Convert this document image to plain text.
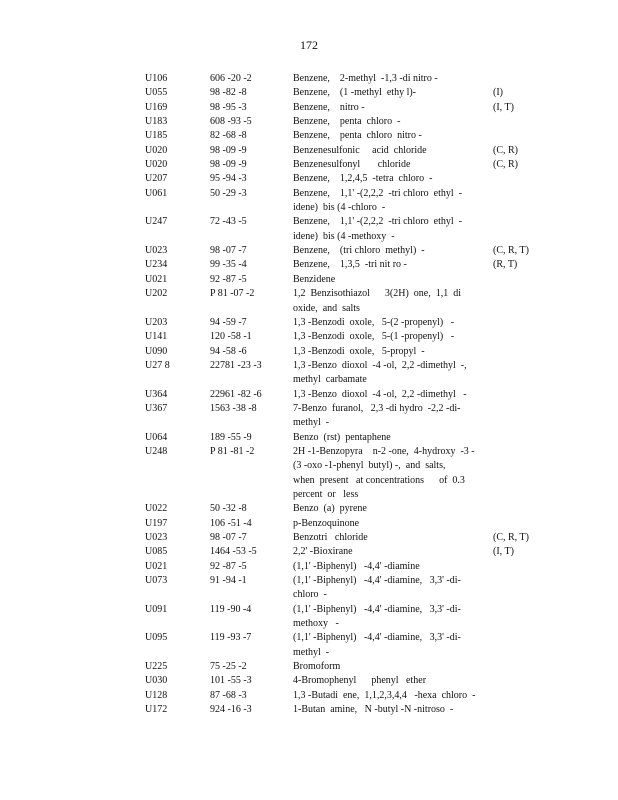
172
U106	606 -20 -2	Benzene,    2-methyl  -1,3 -di nitro -
U055	98 -82 -8	Benzene,    (1 -methyl  ethy l)-	(I)
U169	98 -95 -3	Benzene,    nitro -	(I, T)
U183	608 -93 -5	Benzene,    penta  chloro  -
U185	82 -68 -8	Benzene,    penta  chloro  nitro -
U020	98 -09 -9	Benzenesulfonic     acid  chloride	(C, R)
U020	98 -09 -9	Benzenesulfonyl       chloride	(C, R)
U207	95 -94 -3	Benzene,    1,2,4,5  -tetra  chloro  -
U061	50 -29 -3	Benzene,    1,1' -(2,2,2  -tri chloro  ethyl  -
idene)  bis (4 -chloro  -
U247	72 -43 -5	Benzene,    1,1' -(2,2,2  -tri chloro  ethyl  -
idene)  bis (4 -methoxy  -
U023	98 -07 -7	Benzene,    (tri chloro  methyl)  -	(C, R, T)
U234	99 -35 -4	Benzene,    1,3,5  -tri nit ro -	(R, T)
U021	92 -87 -5	Benzidene
U202	P 81 -07 -2	1,2  Benzisothiazol      3(2H)  one,  1,1  di
oxide,  and  salts
U203	94 -59 -7	1,3 -Benzodi  oxole,   5-(2 -propenyl)   -
U141	120 -58 -1	1,3 -Benzodi  oxole,   5-(1 -propenyl)   -
U090	94 -58 -6	1,3 -Benzodi  oxole,   5-propyl  -
U27 8	22781 -23 -3	1,3 -Benzo  dioxol  -4 -ol,  2,2 -dimethyl  -,
methyl  carbamate
U364	22961 -82 -6	1,3 -Benzo  dioxol  -4 -ol,  2,2 -dimethyl   -
U367	1563 -38 -8	7-Benzo  furanol,   2,3 -di hydro  -2,2 -di-
methyl  -
U064	189 -55 -9	Benzo  (rst)  pentaphene
U248	P 81 -81 -2	2H -1-Benzopyra    n-2 -one,  4-hydroxy  -3 -
(3 -oxo -1-phenyl  butyl) -,  and  salts,
when  present   at concentrations      of  0.3
percent  or   less
U022	50 -32 -8	Benzo  (a)  pyrene
U197	106 -51 -4	p-Benzoquinone
U023	98 -07 -7	Benzotri   chloride	(C, R, T)
U085	1464 -53 -5	2,2' -Bioxirane	(I, T)
U021	92 -87 -5	(1,1' -Biphenyl)   -4,4' -diamine
U073	91 -94 -1	(1,1' -Biphenyl)   -4,4' -diamine,   3,3' -di-
chloro  -
U091	119 -90 -4	(1,1' -Biphenyl)   -4,4' -diamine,   3,3' -di-
methoxy   -
U095	119 -93 -7	(1,1' -Biphenyl)   -4,4' -diamine,   3,3' -di-
methyl  -
U225	75 -25 -2	Bromoform
U030	101 -55 -3	4-Bromophenyl      phenyl   ether
U128	87 -68 -3	1,3 -Butadi  ene,  1,1,2,3,4,4   -hexa  chloro  -
U172	924 -16 -3	1-Butan  amine,   N -butyl -N -nitroso  -
